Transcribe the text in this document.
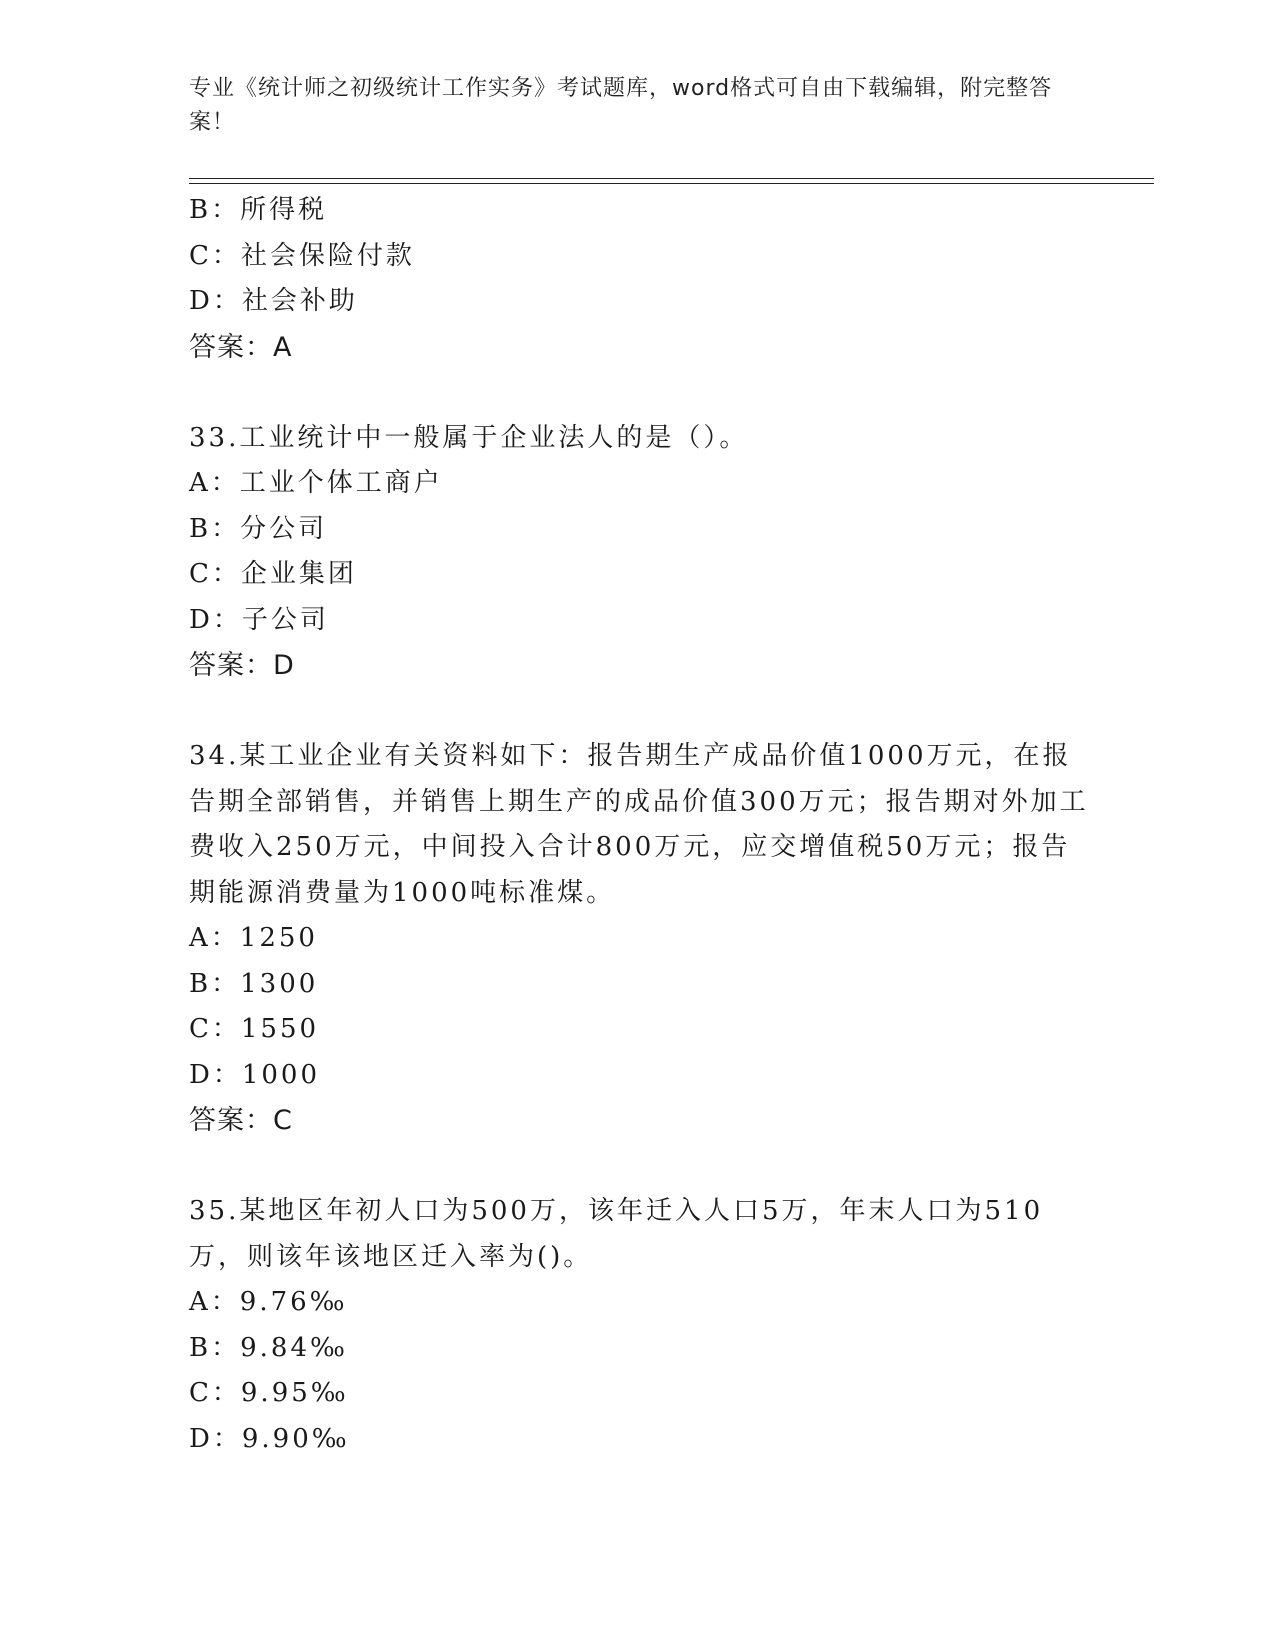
专业《统计师之初级统计工作实务》考试题库，word格式可自由下载编辑，附完整答案！
B：所得税
C：社会保险付款
D：社会补助
答案：A
33.工业统计中一般属于企业法人的是（）。
A：工业个体工商户
B：分公司
C：企业集团
D：子公司
答案：D
34.某工业企业有关资料如下：报告期生产成品价值1000万元，在报告期全部销售，并销售上期生产的成品价值300万元；报告期对外加工费收入250万元，中间投入合计800万元，应交增值税50万元；报告期能源消费量为1000吨标准煤。
A：1250
B：1300
C：1550
D：1000
答案：C
35.某地区年初人口为500万，该年迁入人口5万，年末人口为510万，则该年该地区迁入率为()。
A：9.76‰
B：9.84‰
C：9.95‰
D：9.90‰
